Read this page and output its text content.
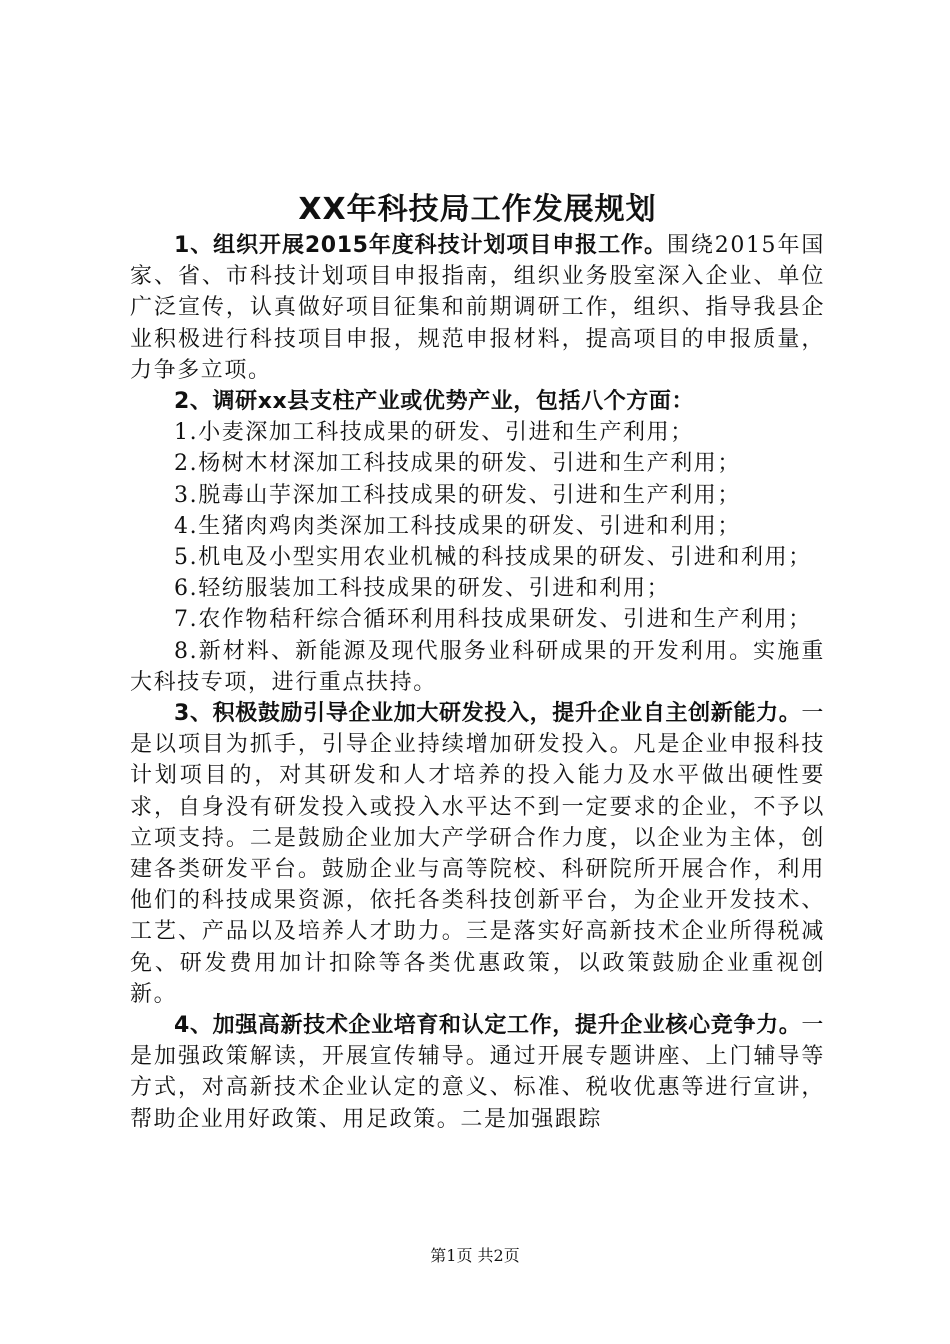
XX年科技局工作发展规划

1、组织开展2015年度科技计划项目申报工作。围绕2015年国家、省、市科技计划项目申报指南，组织业务股室深入企业、单位广泛宣传，认真做好项目征集和前期调研工作，组织、指导我县企业积极进行科技项目申报，规范申报材料，提高项目的申报质量，力争多立项。

2、调研xx县支柱产业或优势产业，包括八个方面：

1.小麦深加工科技成果的研发、引进和生产利用；

2.杨树木材深加工科技成果的研发、引进和生产利用；

3.脱毒山芋深加工科技成果的研发、引进和生产利用；

4.生猪肉鸡肉类深加工科技成果的研发、引进和利用；

5.机电及小型实用农业机械的科技成果的研发、引进和利用；

6.轻纺服装加工科技成果的研发、引进和利用；

7.农作物秸秆综合循环利用科技成果研发、引进和生产利用；

8.新材料、新能源及现代服务业科研成果的开发利用。实施重大科技专项，进行重点扶持。

3、积极鼓励引导企业加大研发投入，提升企业自主创新能力。一是以项目为抓手，引导企业持续增加研发投入。凡是企业申报科技计划项目的，对其研发和人才培养的投入能力及水平做出硬性要求，自身没有研发投入或投入水平达不到一定要求的企业，不予以立项支持。二是鼓励企业加大产学研合作力度，以企业为主体，创建各类研发平台。鼓励企业与高等院校、科研院所开展合作，利用他们的科技成果资源，依托各类科技创新平台，为企业开发技术、工艺、产品以及培养人才助力。三是落实好高新技术企业所得税减免、研发费用加计扣除等各类优惠政策，以政策鼓励企业重视创新。

4、加强高新技术企业培育和认定工作，提升企业核心竞争力。一是加强政策解读，开展宣传辅导。通过开展专题讲座、上门辅导等方式，对高新技术企业认定的意义、标准、税收优惠等进行宣讲，帮助企业用好政策、用足政策。二是加强跟踪

第1页 共2页
